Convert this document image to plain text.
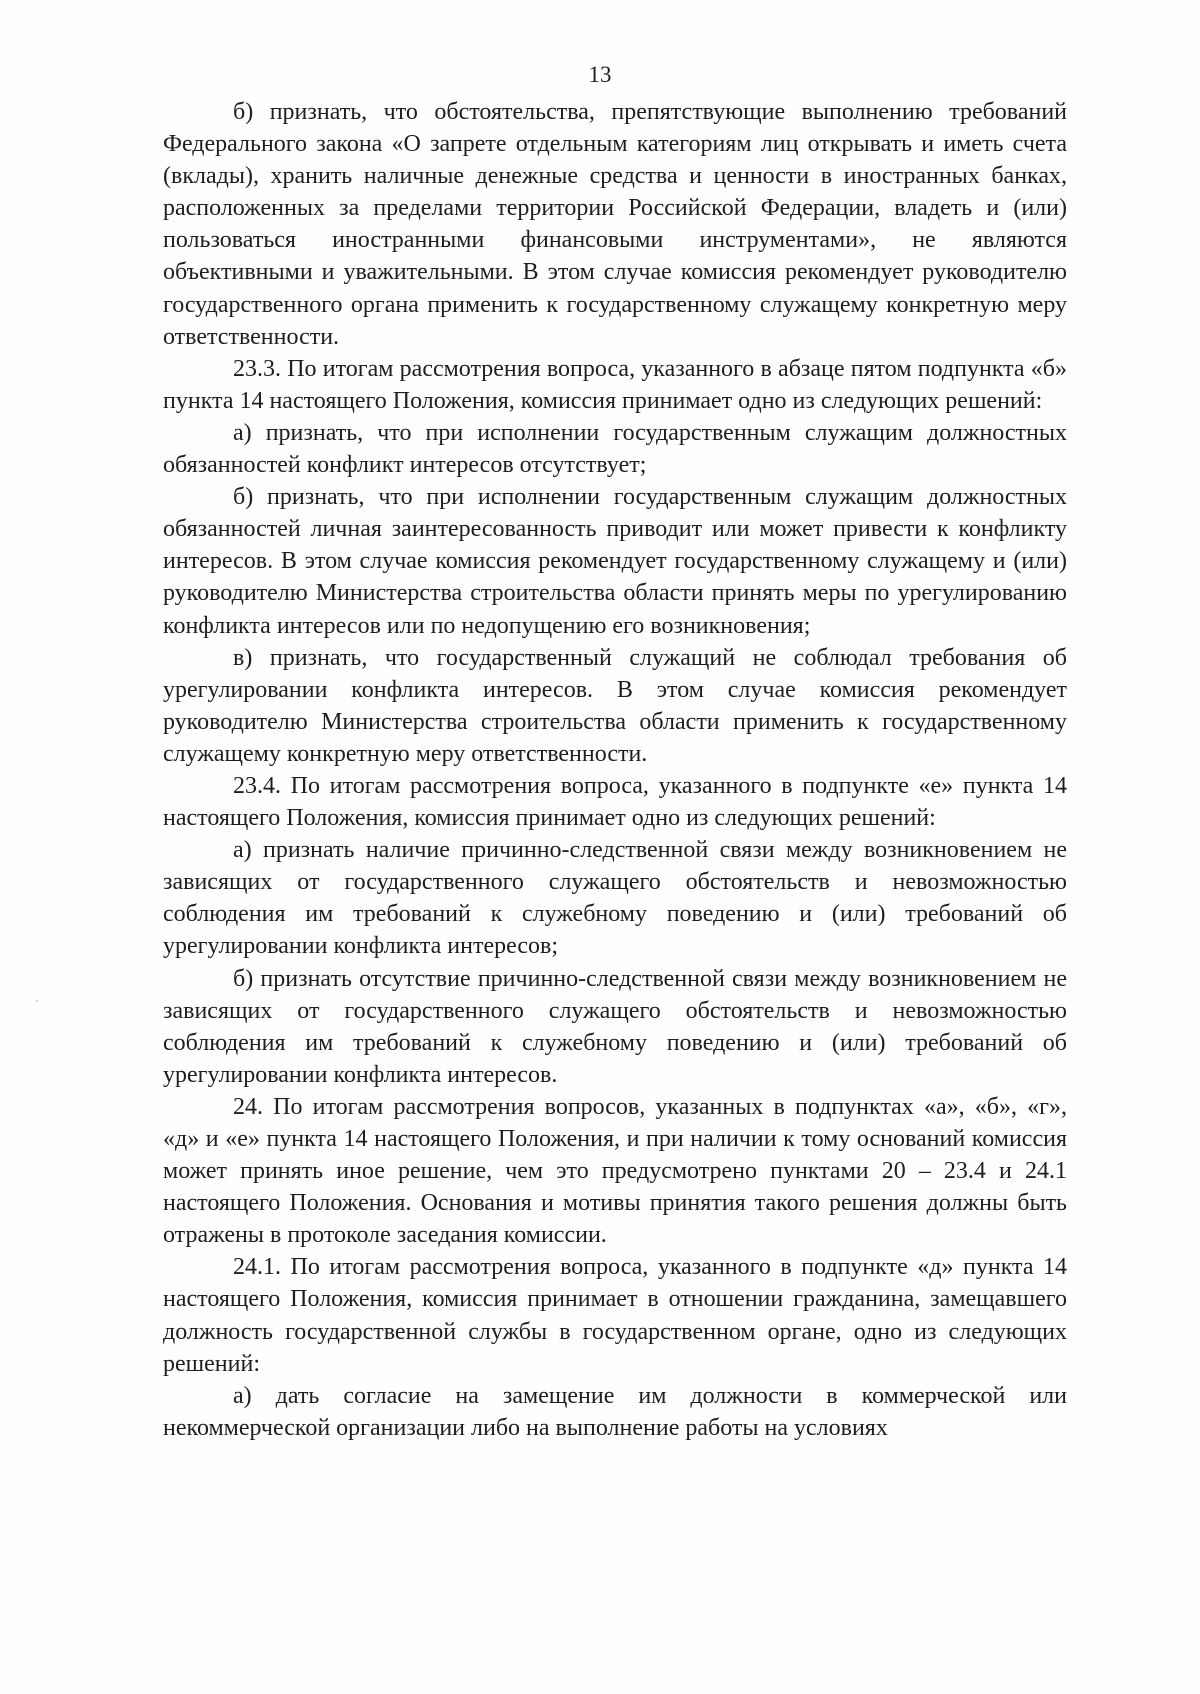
13

б) признать, что обстоятельства, препятствующие выполнению требований Федерального закона «О запрете отдельным категориям лиц открывать и иметь счета (вклады), хранить наличные денежные средства и ценности в иностранных банках, расположенных за пределами территории Российской Федерации, владеть и (или) пользоваться иностранными финансовыми инструментами», не являются объективными и уважительными. В этом случае комиссия рекомендует руководителю государственного органа применить к государственному служащему конкретную меру ответственности.

23.3. По итогам рассмотрения вопроса, указанного в абзаце пятом подпункта «б» пункта 14 настоящего Положения, комиссия принимает одно из следующих решений:

а) признать, что при исполнении государственным служащим должностных обязанностей конфликт интересов отсутствует;

б) признать, что при исполнении государственным служащим должностных обязанностей личная заинтересованность приводит или может привести к конфликту интересов. В этом случае комиссия рекомендует государственному служащему и (или) руководителю Министерства строительства области принять меры по урегулированию конфликта интересов или по недопущению его возникновения;

в) признать, что государственный служащий не соблюдал требования об урегулировании конфликта интересов. В этом случае комиссия рекомендует руководителю Министерства строительства области применить к государственному служащему конкретную меру ответственности.

23.4. По итогам рассмотрения вопроса, указанного в подпункте «е» пункта 14 настоящего Положения, комиссия принимает одно из следующих решений:

а) признать наличие причинно-следственной связи между возникновением не зависящих от государственного служащего обстоятельств и невозможностью соблюдения им требований к служебному поведению и (или) требований об урегулировании конфликта интересов;

б) признать отсутствие причинно-следственной связи между возникновением не зависящих от государственного служащего обстоятельств и невозможностью соблюдения им требований к служебному поведению и (или) требований об урегулировании конфликта интересов.

24. По итогам рассмотрения вопросов, указанных в подпунктах «а», «б», «г», «д» и «е» пункта 14 настоящего Положения, и при наличии к тому оснований комиссия может принять иное решение, чем это предусмотрено пунктами 20 – 23.4 и 24.1 настоящего Положения. Основания и мотивы принятия такого решения должны быть отражены в протоколе заседания комиссии.

24.1. По итогам рассмотрения вопроса, указанного в подпункте «д» пункта 14 настоящего Положения, комиссия принимает в отношении гражданина, замещавшего должность государственной службы в государственном органе, одно из следующих решений:

а) дать согласие на замещение им должности в коммерческой или некоммерческой организации либо на выполнение работы на условиях
